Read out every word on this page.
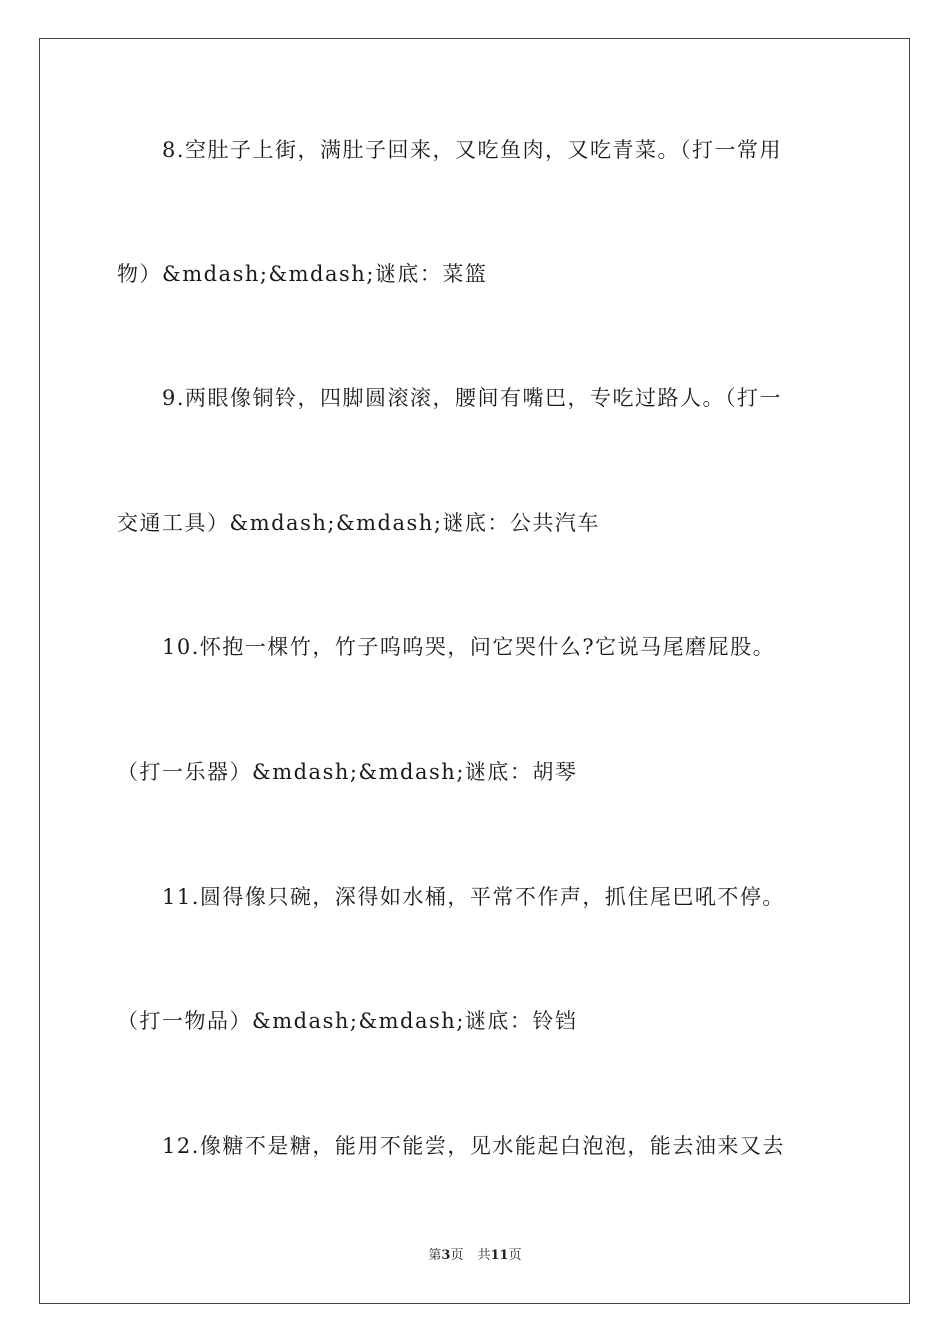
8.空肚子上街，满肚子回来，又吃鱼肉，又吃青菜。（打一常用
物）&mdash;&mdash;谜底：菜篮
9.两眼像铜铃，四脚圆滚滚，腰间有嘴巴，专吃过路人。（打一
交通工具）&mdash;&mdash;谜底：公共汽车
10.怀抱一棵竹，竹子呜呜哭，问它哭什么?它说马尾磨屁股。
（打一乐器）&mdash;&mdash;谜底：胡琴
11.圆得像只碗，深得如水桶，平常不作声，抓住尾巴吼不停。
（打一物品）&mdash;&mdash;谜底：铃铛
12.像糖不是糖，能用不能尝，见水能起白泡泡，能去油来又去
第3页 共11页
